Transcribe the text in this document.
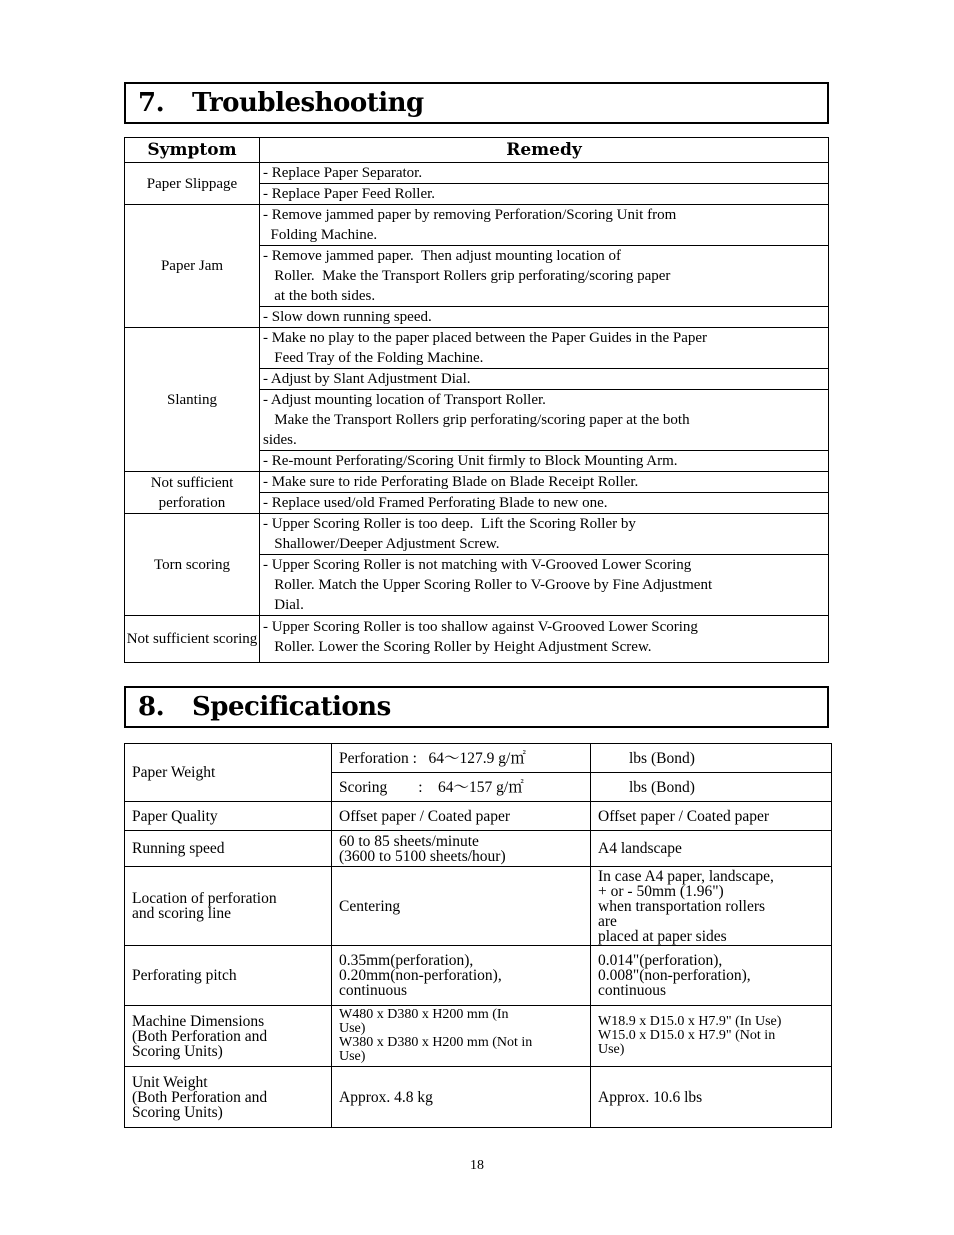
7. Troubleshooting
Symptom	Remedy
Paper Slippage	- Replace Paper Separator.
	- Replace Paper Feed Roller.
Paper Jam	- Remove jammed paper by removing Perforation/Scoring Unit from
Folding Machine.
	- Remove jammed paper.  Then adjust mounting location of
Roller.  Make the Transport Rollers grip perforating/scoring paper
at the both sides.
	- Slow down running speed.
Slanting	- Make no play to the paper placed between the Paper Guides in the Paper
Feed Tray of the Folding Machine.
	- Adjust by Slant Adjustment Dial.
	- Adjust mounting location of Transport Roller.
Make the Transport Rollers grip perforating/scoring paper at the both
sides.
	- Re-mount Perforating/Scoring Unit firmly to Block Mounting Arm.
Not sufficient perforation	- Make sure to ride Perforating Blade on Blade Receipt Roller.
	- Replace used/old Framed Perforating Blade to new one.
Torn scoring	- Upper Scoring Roller is too deep.  Lift the Scoring Roller by
Shallower/Deeper Adjustment Screw.
	- Upper Scoring Roller is not matching with V-Grooved Lower Scoring
Roller. Match the Upper Scoring Roller to V-Groove by Fine Adjustment
Dial.
Not sufficient scoring	- Upper Scoring Roller is too shallow against V-Grooved Lower Scoring
Roller. Lower the Scoring Roller by Height Adjustment Screw.
8. Specifications
Paper Weight	Perforation :   64～127.9 g/㎡	lbs (Bond)
	Scoring        :    64～157 g/㎡	lbs (Bond)
Paper Quality	Offset paper / Coated paper	Offset paper / Coated paper
Running speed	60 to 85 sheets/minute
(3600 to 5100 sheets/hour)	A4 landscape
Location of perforation
and scoring line	Centering	In case A4 paper, landscape,
+ or - 50mm (1.96")
when transportation rollers
are
placed at paper sides
Perforating pitch	0.35mm(perforation),
0.20mm(non-perforation),
continuous	0.014"(perforation),
0.008"(non-perforation),
continuous
Machine Dimensions
(Both Perforation and
Scoring Units)	W480 x D380 x H200 mm (In
Use)
W380 x D380 x H200 mm (Not in
Use)	W18.9 x D15.0 x H7.9" (In Use)
W15.0 x D15.0 x H7.9" (Not in
Use)
Unit Weight
(Both Perforation and
Scoring Units)	Approx. 4.8 kg	Approx. 10.6 lbs
18
